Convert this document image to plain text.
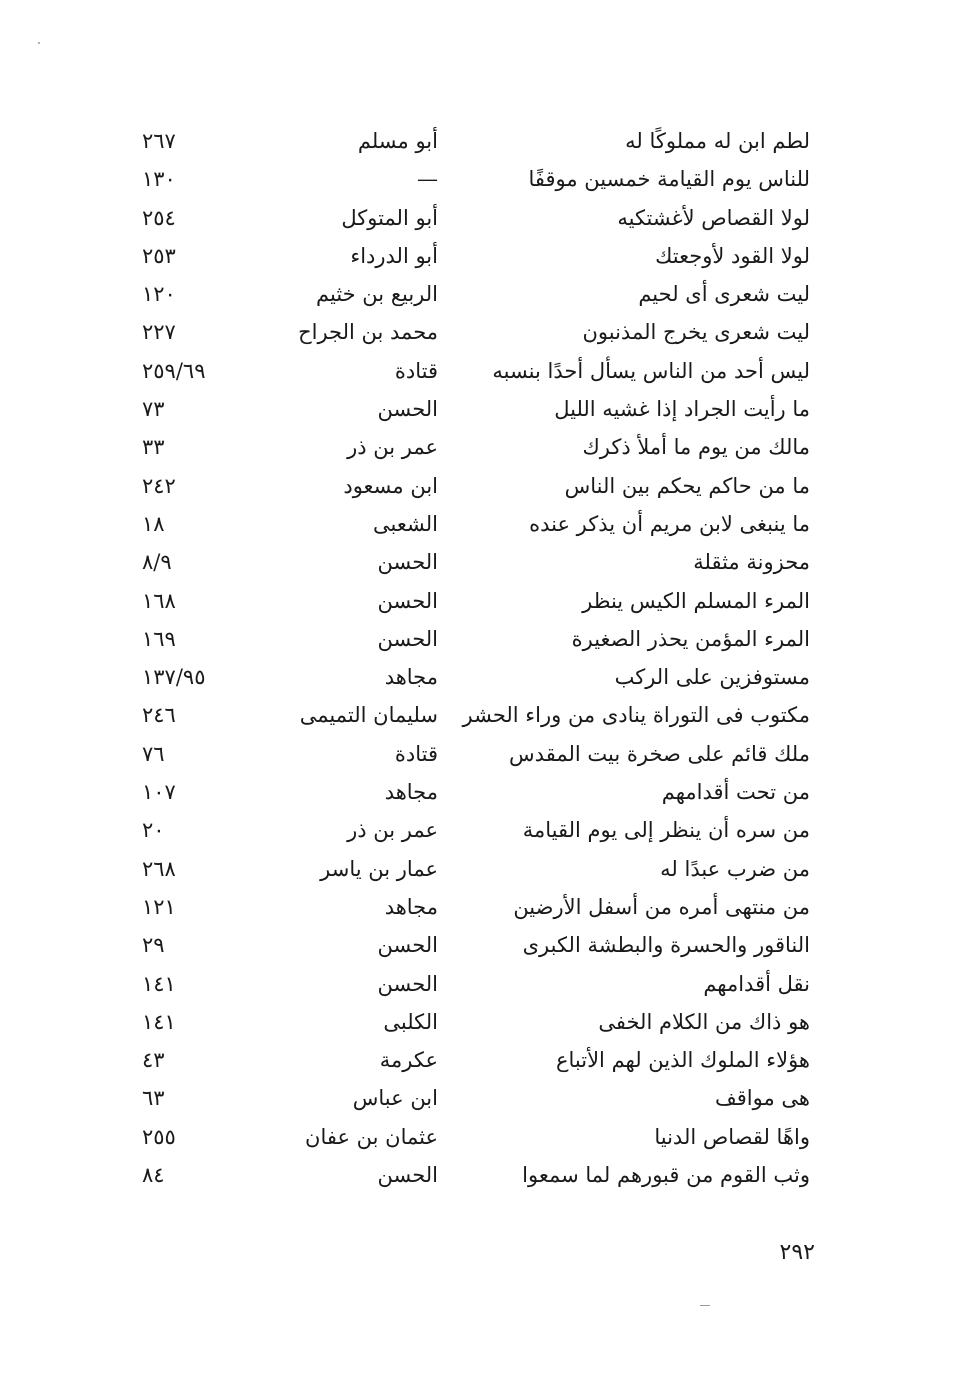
لطم ابن له مملوكًا له
أبو مسلم
٢٦٧
للناس يوم القيامة خمسين موقفًا
—
١٣٠
لولا القصاص لأغشتكيه
أبو المتوكل
٢٥٤
لولا القود لأوجعتك
أبو الدرداء
٢٥٣
ليت شعرى أى لحيم
الربيع بن خثيم
١٢٠
ليت شعرى يخرج المذنبون
محمد بن الجراح
٢٢٧
ليس أحد من الناس يسأل أحدًا بنسبه
قتادة
٢٥٩/٦٩
ما رأيت الجراد إذا غشيه الليل
الحسن
٧٣
مالك من يوم ما أملأ ذكرك
عمر بن ذر
٣٣
ما من حاكم يحكم بين الناس
ابن مسعود
٢٤٢
ما ينبغى لابن مريم أن يذكر عنده
الشعبى
١٨
محزونة مثقلة
الحسن
٨/٩
المرء المسلم الكيس ينظر
الحسن
١٦٨
المرء المؤمن يحذر الصغيرة
الحسن
١٦٩
مستوفزين على الركب
مجاهد
١٣٧/٩٥
مكتوب فى التوراة ينادى من وراء الحشر
سليمان التميمى
٢٤٦
ملك قائم على صخرة بيت المقدس
قتادة
٧٦
من تحت أقدامهم
مجاهد
١٠٧
من سره أن ينظر إلى يوم القيامة
عمر بن ذر
٢٠
من ضرب عبدًا له
عمار بن ياسر
٢٦٨
من منتهى أمره من أسفل الأرضين
مجاهد
١٢١
الناقور والحسرة والبطشة الكبرى
الحسن
٢٩
نقل أقدامهم
الحسن
١٤١
هو ذاك من الكلام الخفى
الكلبى
١٤١
هؤلاء الملوك الذين لهم الأتباع
عكرمة
٤٣
هى مواقف
ابن عباس
٦٣
واهًا لقصاص الدنيا
عثمان بن عفان
٢٥٥
وثب القوم من قبورهم لما سمعوا
الحسن
٨٤
٢٩٢
